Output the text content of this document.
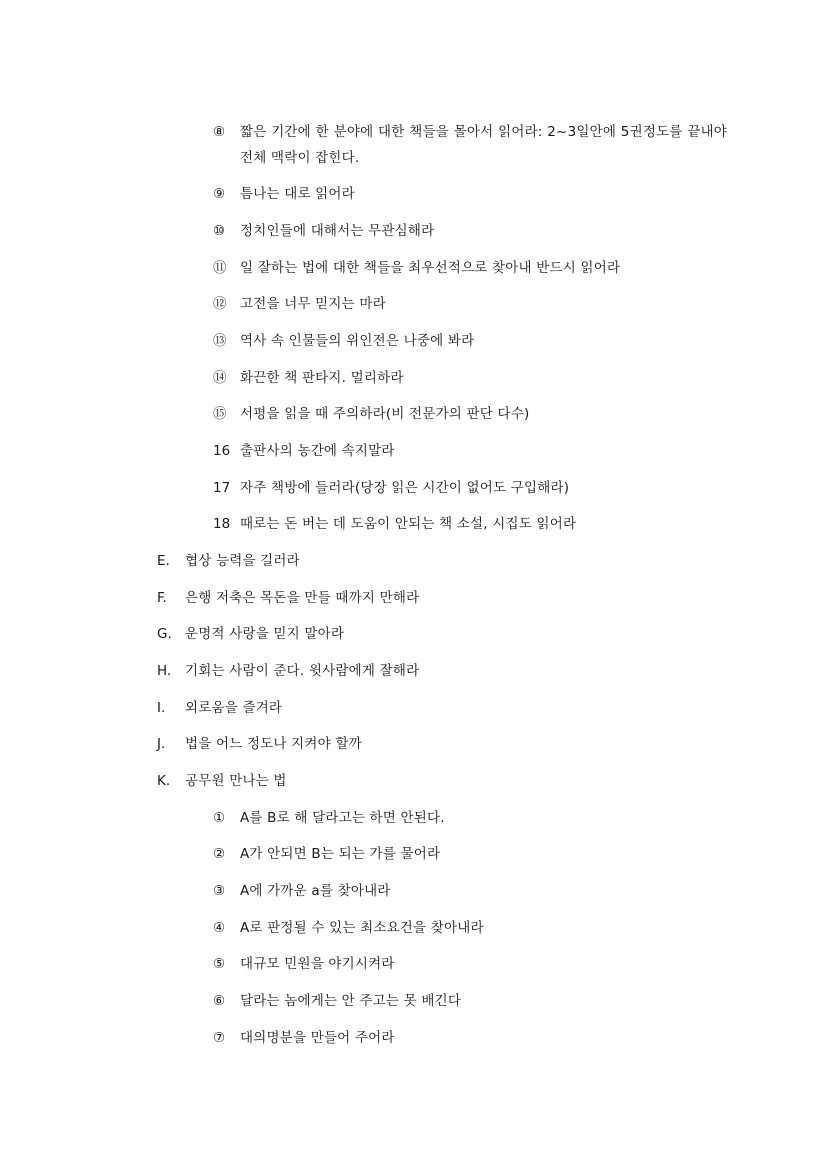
⑧	짧은 기간에 한 분야에 대한 책들을 몰아서 읽어라: 2~3일안에 5권정도를 끝내야 전체 맥락이 잡힌다.
⑨	틈나는 대로 읽어라
⑩	정치인들에 대해서는 무관심해라
⑪	일 잘하는 법에 대한 책들을 최우선적으로 찾아내 반드시 읽어라
⑫	고전을 너무 믿지는 마라
⑬	역사 속 인물들의 위인전은 나중에 봐라
⑭	화끈한 책 판타지. 멀리하라
⑮	서평을 읽을 때 주의하라(비 전문가의 판단 다수)
16 출판사의 농간에 속지말라
17 자주 책방에 들러라(당장 읽은 시간이 없어도 구입해라)
18 때로는 돈 버는 데 도움이 안되는 책 소설, 시집도 읽어라
E. 협상 능력을 길러라
F. 은행 저축은 목돈을 만들 때까지 만해라
G. 운명적 사랑을 믿지 말아라
H. 기회는 사람이 준다. 윗사람에게 잘해라
I. 외로움을 즐겨라
J. 법을 어느 정도나 지켜야 할까
K. 공무원 만나는 법
①	A를 B로 해 달라고는 하면 안된다.
②	A가 안되면 B는 되는 가를 물어라
③	A에 가까운 a를 찾아내라
④	A로 판정될 수 있는 최소요건을 찾아내라
⑤	대규모 민원을 야기시켜라
⑥	달라는 놈에게는 안 주고는 못 배긴다
⑦	대의명분을 만들어 주어라
